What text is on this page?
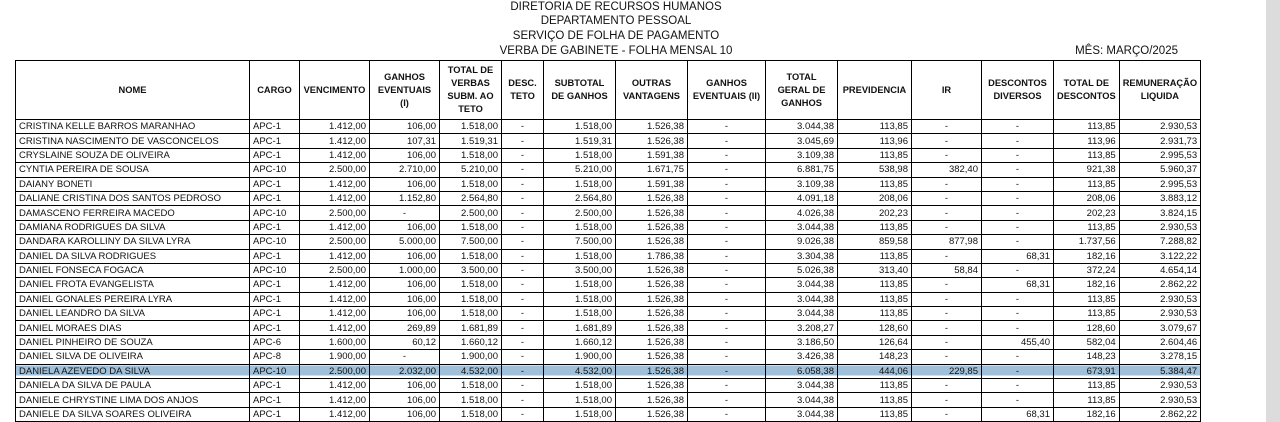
DIRETORIA DE RECURSOS HUMANOS
DEPARTAMENTO PESSOAL
SERVIÇO DE FOLHA DE PAGAMENTO
VERBA DE GABINETE - FOLHA MENSAL 10	MÊS: MARÇO/2025
NOME	CARGO	VENCIMENTO	GANHOS EVENTUAIS (I)	TOTAL DE VERBAS SUBM. AO TETO	DESC. TETO	SUBTOTAL DE GANHOS	OUTRAS VANTAGENS	GANHOS EVENTUAIS (II)	TOTAL GERAL DE GANHOS	PREVIDENCIA	IR	DESCONTOS DIVERSOS	TOTAL DE DESCONTOS	REMUNERAÇÃO LIQUIDA
CRISTINA KELLE BARROS MARANHAO	APC-1	1.412,00	106,00	1.518,00	-	1.518,00	1.526,38	-	3.044,38	113,85	-	-	113,85	2.930,53
CRISTINA NASCIMENTO DE VASCONCELOS	APC-1	1.412,00	107,31	1.519,31	-	1.519,31	1.526,38	-	3.045,69	113,96	-	-	113,96	2.931,73
CRYSLAINE SOUZA DE OLIVEIRA	APC-1	1.412,00	106,00	1.518,00	-	1.518,00	1.591,38	-	3.109,38	113,85	-	-	113,85	2.995,53
CYNTIA PEREIRA DE SOUSA	APC-10	2.500,00	2.710,00	5.210,00	-	5.210,00	1.671,75	-	6.881,75	538,98	382,40	-	921,38	5.960,37
DAIANY BONETI	APC-1	1.412,00	106,00	1.518,00	-	1.518,00	1.591,38	-	3.109,38	113,85	-	-	113,85	2.995,53
DALIANE CRISTINA DOS SANTOS PEDROSO	APC-1	1.412,00	1.152,80	2.564,80	-	2.564,80	1.526,38	-	4.091,18	208,06	-	-	208,06	3.883,12
DAMASCENO FERREIRA MACEDO	APC-10	2.500,00	-	2.500,00	-	2.500,00	1.526,38	-	4.026,38	202,23	-	-	202,23	3.824,15
DAMIANA RODRIGUES DA SILVA	APC-1	1.412,00	106,00	1.518,00	-	1.518,00	1.526,38	-	3.044,38	113,85	-	-	113,85	2.930,53
DANDARA KAROLLINY DA SILVA LYRA	APC-10	2.500,00	5.000,00	7.500,00	-	7.500,00	1.526,38	-	9.026,38	859,58	877,98	-	1.737,56	7.288,82
DANIEL DA SILVA RODRIGUES	APC-1	1.412,00	106,00	1.518,00	-	1.518,00	1.786,38	-	3.304,38	113,85	-	68,31	182,16	3.122,22
DANIEL FONSECA FOGACA	APC-10	2.500,00	1.000,00	3.500,00	-	3.500,00	1.526,38	-	5.026,38	313,40	58,84	-	372,24	4.654,14
DANIEL FROTA EVANGELISTA	APC-1	1.412,00	106,00	1.518,00	-	1.518,00	1.526,38	-	3.044,38	113,85	-	68,31	182,16	2.862,22
DANIEL GONALES PEREIRA LYRA	APC-1	1.412,00	106,00	1.518,00	-	1.518,00	1.526,38	-	3.044,38	113,85	-	-	113,85	2.930,53
DANIEL LEANDRO DA SILVA	APC-1	1.412,00	106,00	1.518,00	-	1.518,00	1.526,38	-	3.044,38	113,85	-	-	113,85	2.930,53
DANIEL MORAES DIAS	APC-1	1.412,00	269,89	1.681,89	-	1.681,89	1.526,38	-	3.208,27	128,60	-	-	128,60	3.079,67
DANIEL PINHEIRO DE SOUZA	APC-6	1.600,00	60,12	1.660,12	-	1.660,12	1.526,38	-	3.186,50	126,64	-	455,40	582,04	2.604,46
DANIEL SILVA DE OLIVEIRA	APC-8	1.900,00	-	1.900,00	-	1.900,00	1.526,38	-	3.426,38	148,23	-	-	148,23	3.278,15
DANIELA AZEVEDO DA SILVA	APC-10	2.500,00	2.032,00	4.532,00	-	4.532,00	1.526,38	-	6.058,38	444,06	229,85	-	673,91	5.384,47
DANIELA DA SILVA DE PAULA	APC-1	1.412,00	106,00	1.518,00	-	1.518,00	1.526,38	-	3.044,38	113,85	-	-	113,85	2.930,53
DANIELE CHRYSTINE LIMA DOS ANJOS	APC-1	1.412,00	106,00	1.518,00	-	1.518,00	1.526,38	-	3.044,38	113,85	-	-	113,85	2.930,53
DANIELE DA SILVA SOARES OLIVEIRA	APC-1	1.412,00	106,00	1.518,00	-	1.518,00	1.526,38	-	3.044,38	113,85	-	68,31	182,16	2.862,22
